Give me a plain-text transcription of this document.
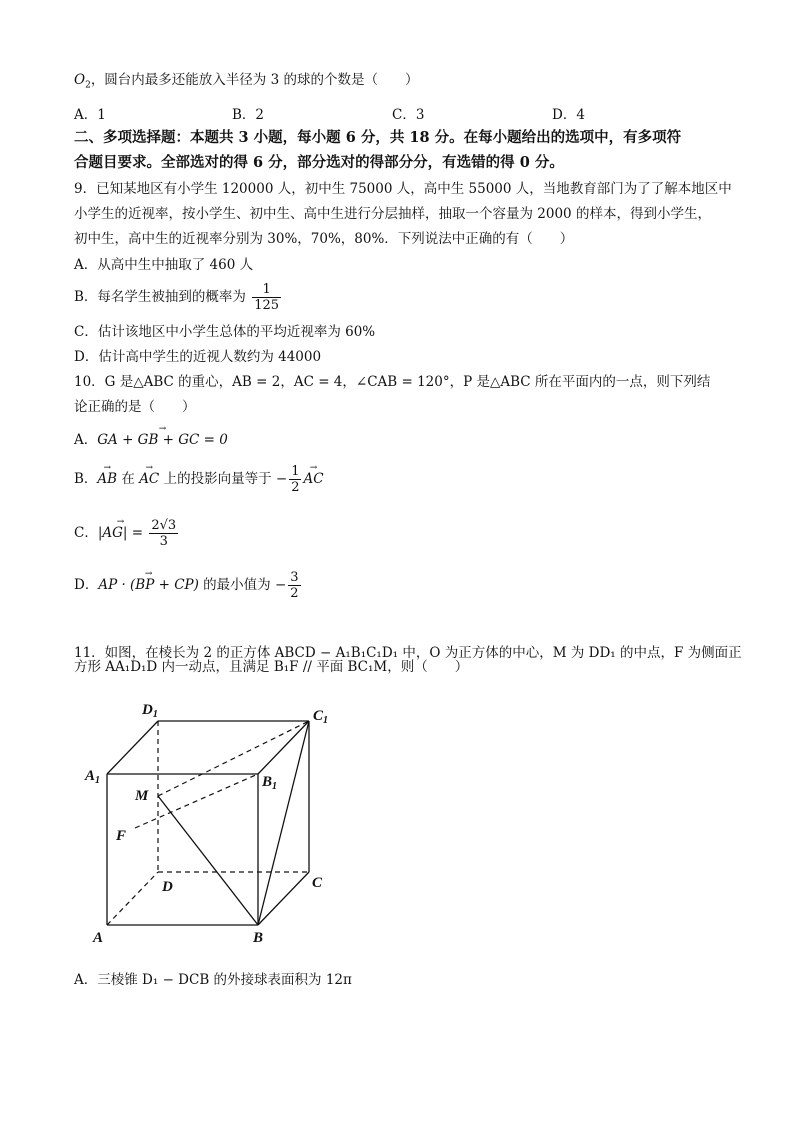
$O_2$，圆台内最多还能放入半径为 3 的球的个数是（　　）
A．1	B．2	C．3	D．4
二、多项选择题：本题共 3 小题，每小题 6 分，共 18 分。在每小题给出的选项中，有多项符
合题目要求。全部选对的得 6 分，部分选对的得部分分，有选错的得 0 分。
9．已知某地区有小学生 120000 人，初中生 75000 人，高中生 55000 人，当地教育部门为了了解本地区中
小学生的近视率，按小学生、初中生、高中生进行分层抽样，抽取一个容量为 2000 的样本，得到小学生，
初中生，高中生的近视率分别为 30%，70%，80%．下列说法中正确的有（　　）
A．从高中生中抽取了 460 人
B．每名学生被抽到的概率为 $\frac{1}{125}$
C．估计该地区中小学生总体的平均近视率为 60%
D．估计高中学生的近视人数约为 44000
10．G 是△ABC 的重心，AB = 2，AC = 4，∠CAB = 120°，P 是△ABC 所在平面内的一点，则下列结
论正确的是（　　）
A．→ GA + GB + GC = 0
B．→ AB 在 → AC 上的投影向量等于 − $\frac{1}{2}$
→ AC
C．→ $|AG| = \frac{2√3}{3}$
D．→ AP · (BP + CP) 的最小值为 − $\frac{3}{2}$
11．如图，在棱长为 2 的正方体 ABCD − A₁B₁C₁D₁ 中，O 为正方体的中心，M 为 DD₁ 的中点，F 为侧面正
方形 AA₁D₁D 内一动点，且满足 B₁F // 平面 BC₁M，则（　　）
$D_1$	$C_1$
$A_1$	$B_1$
M
F
D	C
A	B
A．三棱锥 D₁ − DCB 的外接球表面积为 12π
